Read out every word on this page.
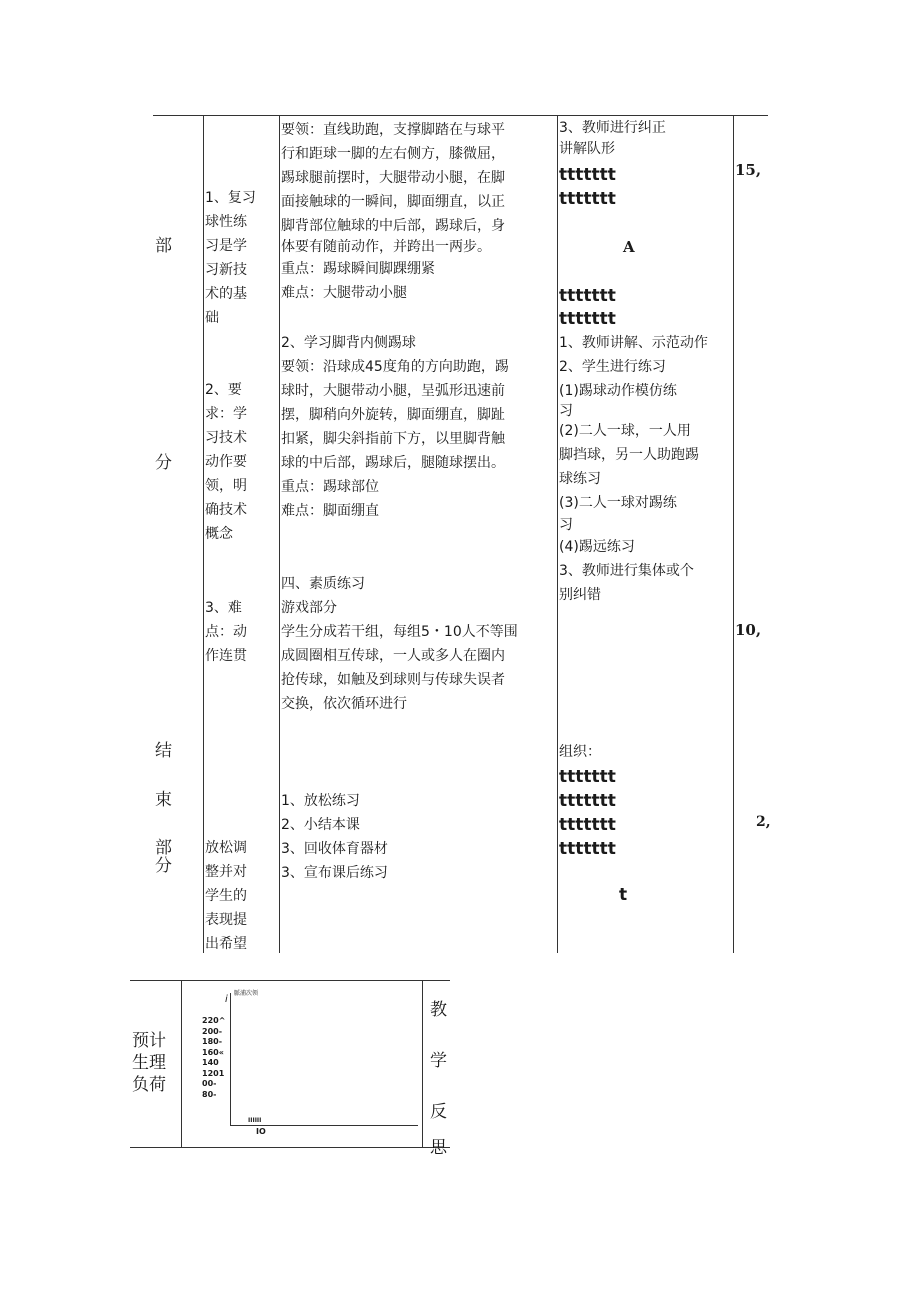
部
分
结
束
部
分
1、复习
球性练
习是学
习新技
术的基
础
2、要
求：学
习技术
动作要
领，明
确技术
概念
3、难
点：动
作连贯
放松调
整并对
学生的
表现提
出希望
要领：直线助跑，支撑脚踏在与球平
行和距球一脚的左右侧方，膝微屈，
踢球腿前摆时，大腿带动小腿，在脚
面接触球的一瞬间，脚面绷直，以正
脚背部位触球的中后部，踢球后，身
体要有随前动作，并跨出一两步。
重点：踢球瞬间脚踝绷紧
难点：大腿带动小腿
2、学习脚背内侧踢球
要领：沿球成45度角的方向助跑，踢
球时，大腿带动小腿，呈弧形迅速前
摆，脚稍向外旋转，脚面绷直，脚趾
扣紧，脚尖斜指前下方，以里脚背触
球的中后部，踢球后，腿随球摆出。
重点：踢球部位
难点：脚面绷直
四、素质练习
游戏部分
学生分成若干组，每组5・10人不等围
成圆圈相互传球，一人或多人在圈内
抢传球，如触及到球则与传球失误者
交换，依次循环进行
1、放松练习
2、小结本课
3、回收体育器材
3、宣布课后练习
3、教师进行纠正
讲解队形
ttttttt
ttttttt
A
ttttttt
ttttttt
1、教师讲解、示范动作
2、学生进行练习
(1)踢球动作模仿练
习
(2)二人一球，一人用
脚挡球，另一人助跑踢
球练习
(3)二人一球对踢练
习
(4)踢远练习
3、教师进行集体或个
别纠错
组织：
ttttttt
ttttttt
ttttttt
ttttttt
t
15,
10,
2,
预计
生理
负荷
i
脈浦次领
220^
200-
180-
160«
140
1201
00-
80-
IIIIII
IO
教
学
反
思
